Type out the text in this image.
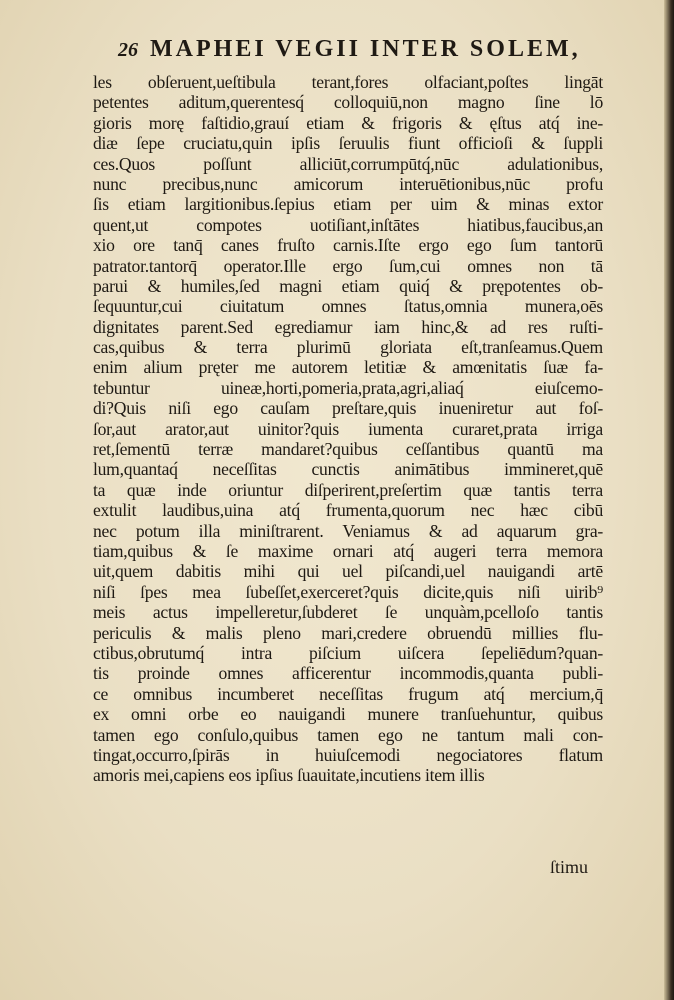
26 MAPHEI VEGII INTER SOLEM,
les obſeruent,ueſtibula terant,fores olfaciant,poſtes lingāt
petentes aditum,querentesq́ colloquiū,non magno ſine lō
gioris morę faſtidio,grauí etiam & frigoris & ęſtus atq́ ine-
diæ ſepe cruciatu,quin ipſis ſeruulis fiunt officioſi & ſuppli
ces.Quos poſſunt alliciūt,corrumpūtq́,nūc adulationibus,
nunc precibus,nunc amicorum interuētionibus,nūc profu
ſis etiam largitionibus.ſepius etiam per uim & minas extor
quent,ut compotes uotiſiant,inſtātes hiatibus,faucibus,an
xio ore tanq̄ canes fruſto carnis.Iſte ergo ego ſum tantorū
patrator.tantorq̄ operator.Ille ergo ſum,cui omnes non tā
parui & humiles,ſed magni etiam quiq́ & prępotentes ob-
ſequuntur,cui ciuitatum omnes ſtatus,omnia munera,oēs
dignitates parent.Sed egrediamur iam hinc,& ad res ruſti-
cas,quibus & terra plurimū gloriata eſt,tranſeamus.Quem
enim alium pręter me autorem letitiæ & amœnitatis ſuæ fa-
tebuntur uineæ,horti,pomeria,prata,agri,aliaq́ eiuſcemo-
di?Quis niſi ego cauſam preſtare,quis inueniretur aut foſ-
ſor,aut arator,aut uinitor?quis iumenta curaret,prata irriga
ret,ſementū terræ mandaret?quibus ceſſantibus quantū ma
lum,quantaq́ neceſſitas cunctis animātibus immineret,quē
ta quæ inde oriuntur diſperirent,preſertim quæ tantis terra
extulit laudibus,uina atq́ frumenta,quorum nec hæc cibū
nec potum illa miniſtrarent. Veniamus & ad aquarum gra-
tiam,quibus & ſe maxime ornari atq́ augeri terra memora
uit,quem dabitis mihi qui uel piſcandi,uel nauigandi artē
niſi ſpes mea ſubeſſet,exerceret?quis dicite,quis niſi uirib⁹
meis actus impelleretur,ſubderet ſe unquàm,pcelloſo tantis
periculis & malis pleno mari,credere obruendū millies flu-
ctibus,obrutumq́ intra piſcium uiſcera ſepeliēdum?quan-
tis proinde omnes afficerentur incommodis,quanta publi-
ce omnibus incumberet neceſſitas frugum atq́ mercium,q̄
ex omni orbe eo nauigandi munere tranſuehuntur, quibus
tamen ego conſulo,quibus tamen ego ne tantum mali con-
tingat,occurro,ſpirās in huiuſcemodi negociatores flatum
amoris mei,capiens eos ipſius ſuauitate,incutiens item illis
ſtimu
